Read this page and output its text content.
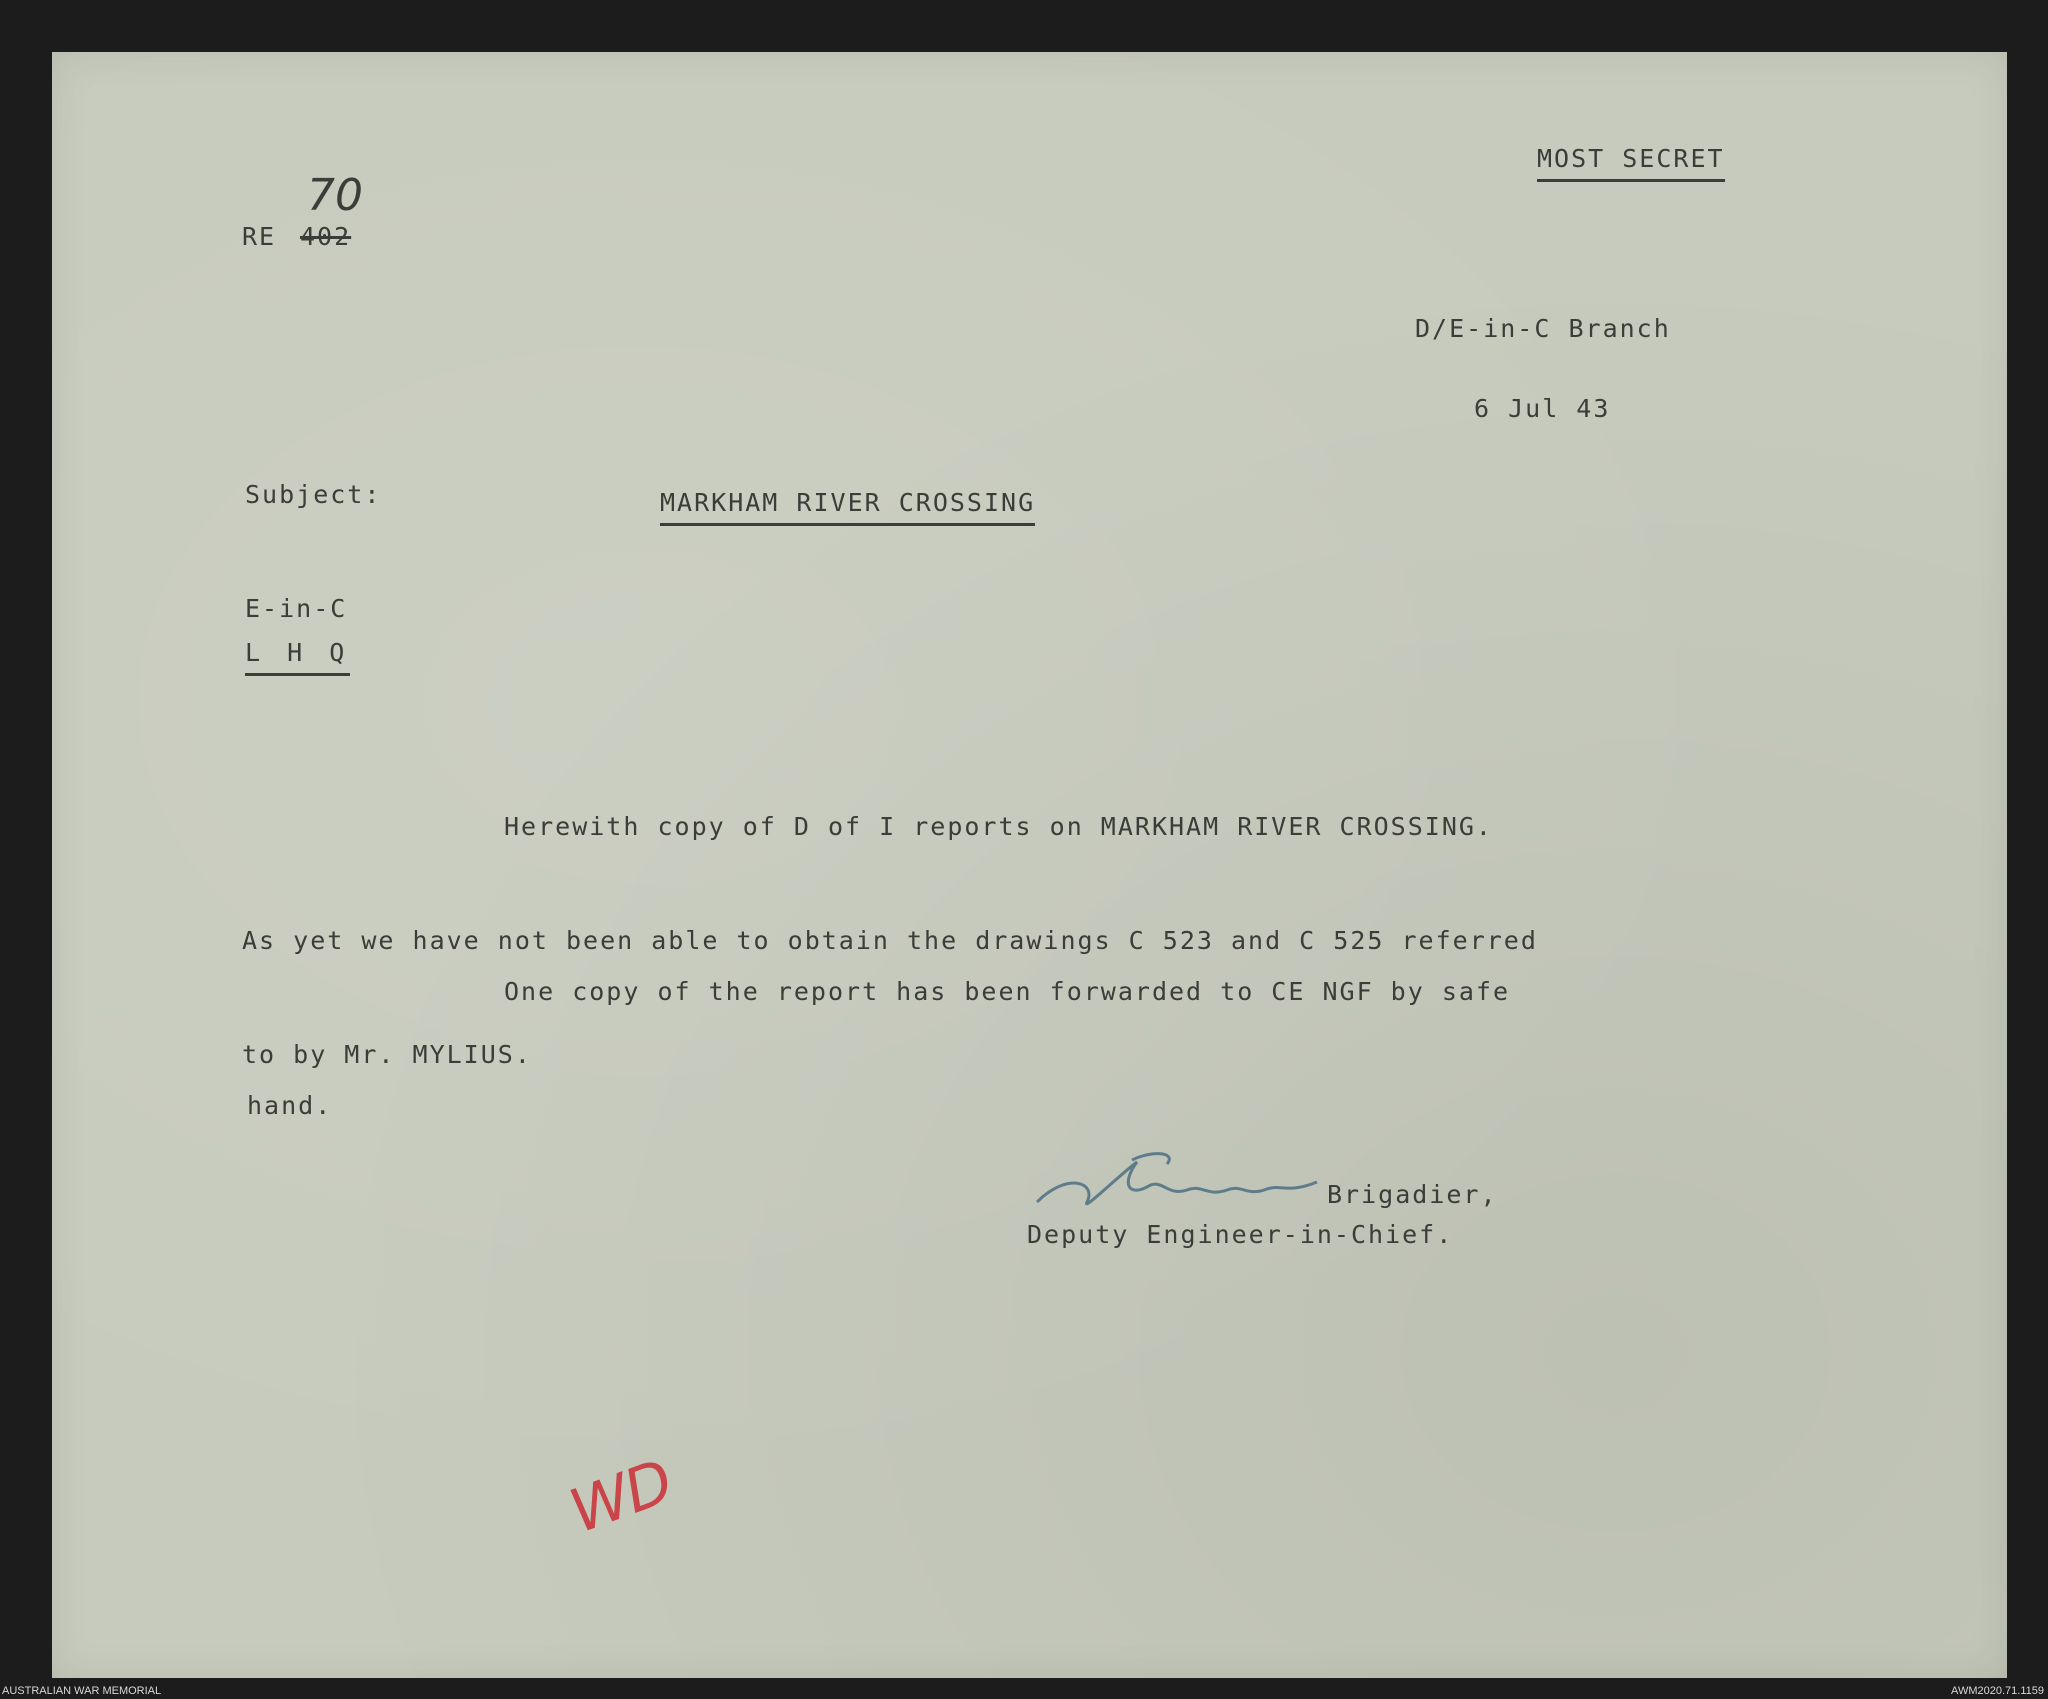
MOST SECRET
RE 402
70
D/E-in-C Branch
6 Jul 43
Subject:	MARKHAM RIVER CROSSING
E-in-C
L H Q

Herewith copy of D of I reports on MARKHAM RIVER CROSSING.

As yet we have not been able to obtain the drawings C 523 and C 525 referred

to by Mr. MYLIUS.

One copy of the report has been forwarded to CE NGF by safe

hand.

Brigadier,
Deputy Engineer-in-Chief.
WD
AUSTRALIAN WAR MEMORIAL	AWM2020.71.1159
